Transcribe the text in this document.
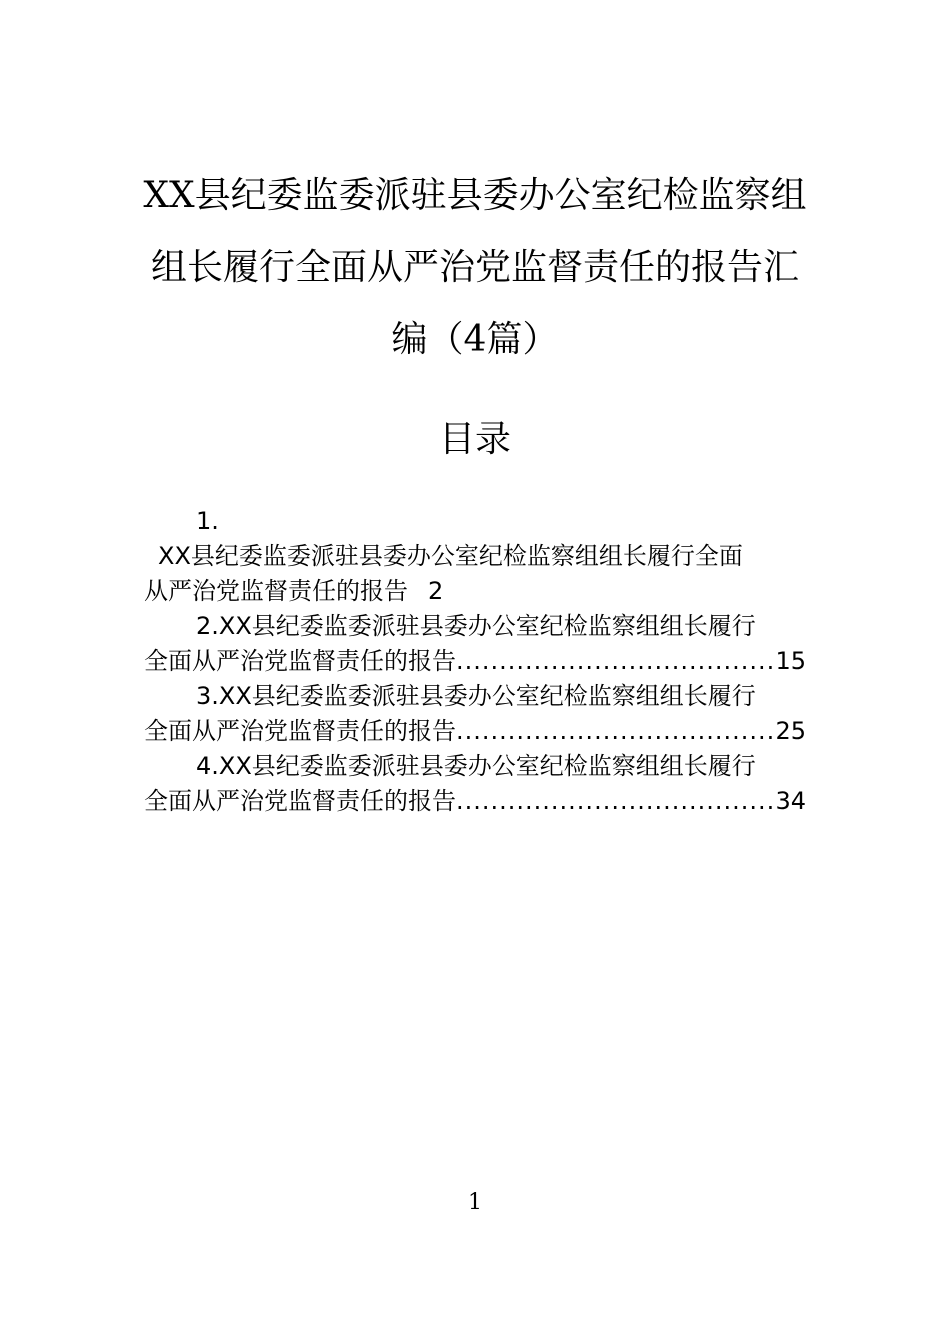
XX县纪委监委派驻县委办公室纪检监察组
组长履行全面从严治党监督责任的报告汇
编（4篇）
目录
1.
XX县纪委监委派驻县委办公室纪检监察组组长履行全面
从严治党监督责任的报告 2
2.XX县纪委监委派驻县委办公室纪检监察组组长履行
全面从严治党监督责任的报告 .....	15
3.XX县纪委监委派驻县委办公室纪检监察组组长履行
全面从严治党监督责任的报告 .....	25
4.XX县纪委监委派驻县委办公室纪检监察组组长履行
全面从严治党监督责任的报告 .....	34
1
